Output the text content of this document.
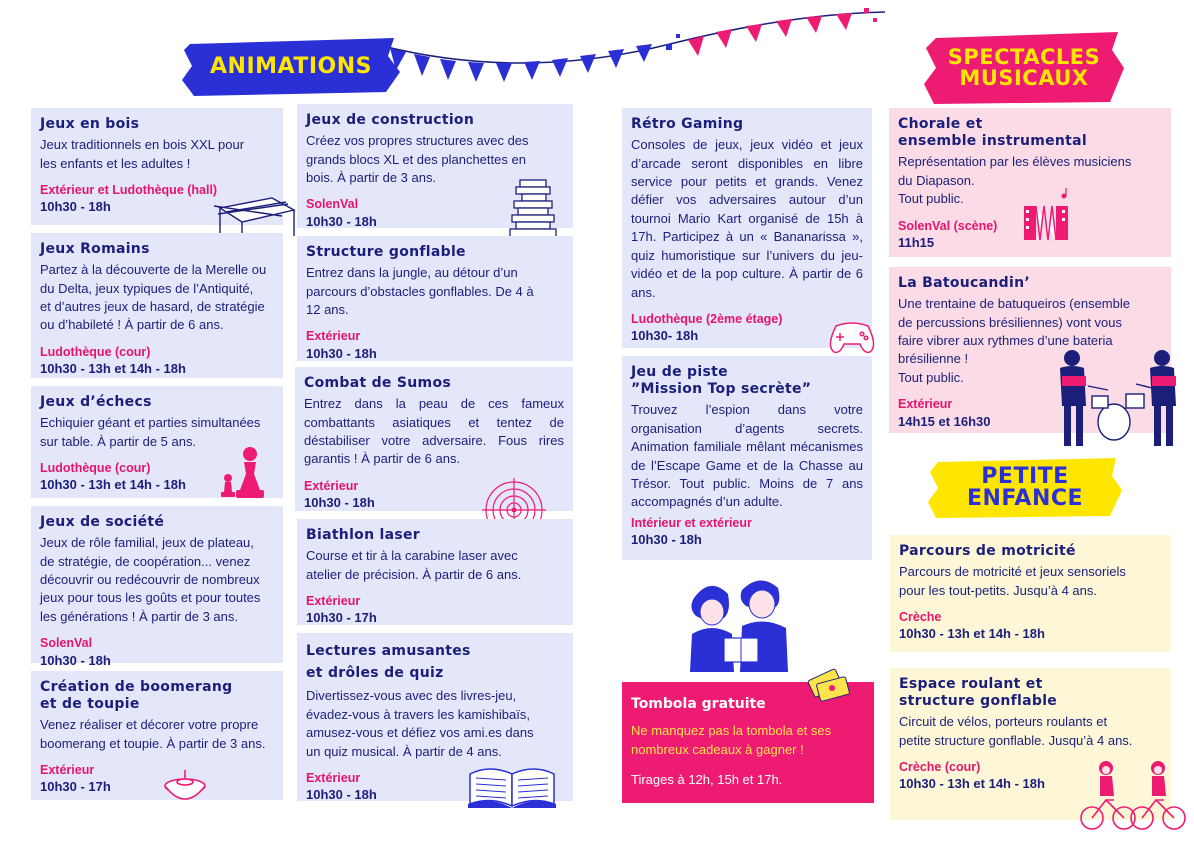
ANIMATIONS	SPECTACLES
MUSICAUX
PETITE
ENFANCE
Jeux en bois
Jeux traditionnels en bois XXL pour
les enfants et les adultes !
Extérieur et Ludothèque (hall)
10h30 - 18h
Jeux Romains
Partez à la découverte de la Merelle ou
du Delta, jeux typiques de l’Antiquité,
et d’autres jeux de hasard, de stratégie
ou d’habileté ! À partir de 6 ans.
Ludothèque (cour)
10h30 - 13h et 14h - 18h
Jeux d’échecs
Echiquier géant et parties simultanées
sur table. À partir de 5 ans.
Ludothèque (cour)
10h30 - 13h et 14h - 18h
Jeux de société
Jeux de rôle familial, jeux de plateau,
de stratégie, de coopération... venez
découvrir ou redécouvrir de nombreux
jeux pour tous les goûts et pour toutes
les générations ! À partir de 3 ans.
SolenVal
10h30 - 18h
Création de boomerang
et de toupie
Venez réaliser et décorer votre propre
boomerang et toupie. À partir de 3 ans.
Extérieur
10h30 - 17h
Jeux de construction
Créez vos propres structures avec des
grands blocs XL et des planchettes en
bois. À partir de 3 ans.
SolenVal
10h30 - 18h
Structure gonflable
Entrez dans la jungle, au détour d’un
parcours d’obstacles gonflables. De 4 à
12 ans.
Extérieur
10h30 - 18h
Combat de Sumos
Entrez dans la peau de ces fameux combattants asiatiques et tentez de déstabiliser votre adversaire. Fous rires garantis ! À partir de 6 ans.
Extérieur
10h30 - 18h
Biathlon laser
Course et tir à la carabine laser avec
atelier de précision. À partir de 6 ans.
Extérieur
10h30 - 17h
Lectures amusantes
et drôles de quiz
Divertissez-vous avec des livres-jeu,
évadez-vous à travers les kamishibaïs,
amusez-vous et défiez vos ami.es dans
un quiz musical. À partir de 4 ans.
Extérieur
10h30 - 18h
Rétro Gaming
Consoles de jeux, jeux vidéo et jeux d’arcade seront disponibles en libre service pour petits et grands. Venez défier vos adversaires autour d’un tournoi Mario Kart organisé de 15h à 17h. Participez à un « Bananarissa », quiz humoristique sur l’univers du jeu-vidéo et de la pop culture. À partir de 6 ans.
Ludothèque (2ème étage)
10h30- 18h
Jeu de piste
”Mission Top secrète”
Trouvez l’espion dans votre organisation d’agents secrets. Animation familiale mêlant mécanismes de l’Escape Game et de la Chasse au Trésor. Tout public. Moins de 7 ans accompagnés d’un adulte.
Intérieur et extérieur
10h30 - 18h
Tombola gratuite
Ne manquez pas la tombola et ses
nombreux cadeaux à gagner !
Tirages à 12h, 15h et 17h.
Chorale et
ensemble instrumental
Représentation par les élèves musiciens
du Diapason.
Tout public.
SolenVal (scène)
11h15
La Batoucandin’
Une trentaine de batuqueiros (ensemble
de percussions brésiliennes) vont vous
faire vibrer aux rythmes d’une bateria
brésilienne !
Tout public.
Extérieur
14h15 et 16h30
Parcours de motricité
Parcours de motricité et jeux sensoriels
pour les tout-petits. Jusqu’à 4 ans.
Crèche
10h30 - 13h et 14h - 18h
Espace roulant et
structure gonflable
Circuit de vélos, porteurs roulants et
petite structure gonflable. Jusqu’à 4 ans.
Crèche (cour)
10h30 - 13h et 14h - 18h
